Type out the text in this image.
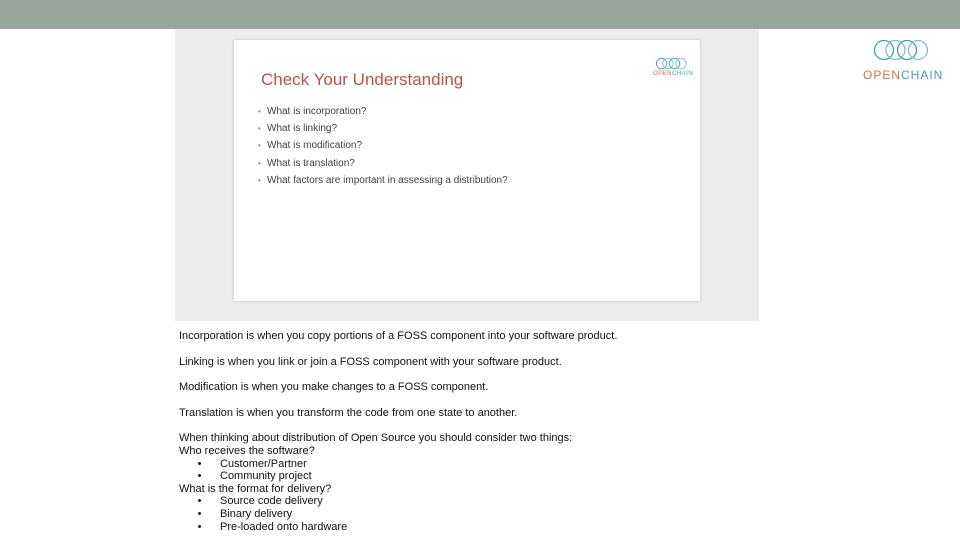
Check Your Understanding
• What is incorporation?
• What is linking?
• What is modification?
• What is translation?
• What factors are important in assessing a distribution?
OPENCHAIN	OPENCHAIN
Incorporation is when you copy portions of a FOSS component into your software product.
Linking is when you link or join a FOSS component with your software product.
Modification is when you make changes to a FOSS component.
Translation is when you transform the code from one state to another.
When thinking about distribution of Open Source you should consider two things:
Who receives the software?
• Customer/Partner
• Community project
What is the format for delivery?
• Source code delivery
• Binary delivery
• Pre-loaded onto hardware
